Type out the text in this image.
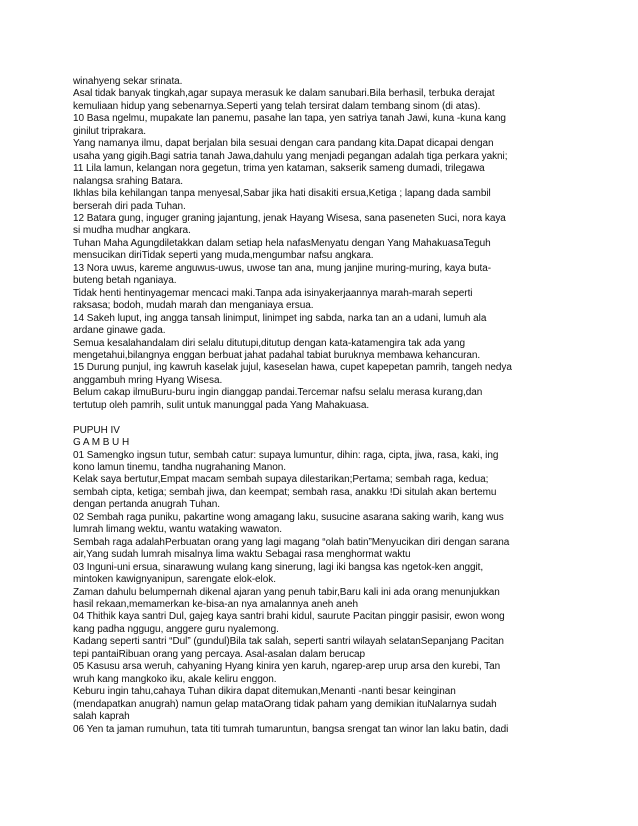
winahyeng sekar srinata.
Asal tidak banyak tingkah,agar supaya merasuk ke dalam sanubari.Bila berhasil, terbuka derajat
kemuliaan hidup yang sebenarnya.Seperti yang telah tersirat dalam tembang sinom (di atas).
10 Basa ngelmu, mupakate lan panemu, pasahe lan tapa, yen satriya tanah Jawi, kuna -kuna kang
ginilut triprakara.
Yang namanya ilmu, dapat berjalan bila sesuai dengan cara pandang kita.Dapat dicapai dengan
usaha yang gigih.Bagi satria tanah Jawa,dahulu yang menjadi pegangan adalah tiga perkara yakni;
11 Lila lamun, kelangan nora gegetun, trima yen kataman, sakserik sameng dumadi, trilegawa
nalangsa srahing Batara.
Ikhlas bila kehilangan tanpa menyesal,Sabar jika hati disakiti ersua,Ketiga ; lapang dada sambil
berserah diri pada Tuhan.
12 Batara gung, inguger graning jajantung, jenak Hayang Wisesa, sana paseneten Suci, nora kaya
si mudha mudhar angkara.
Tuhan Maha Agungdiletakkan dalam setiap hela nafasMenyatu dengan Yang MahakuasaTeguh
mensucikan diriTidak seperti yang muda,mengumbar nafsu angkara.
13 Nora uwus, kareme anguwus-uwus, uwose tan ana, mung janjine muring-muring, kaya buta-
buteng betah nganiaya.
Tidak henti hentinyagemar mencaci maki.Tanpa ada isinyakerjaannya marah-marah seperti
raksasa; bodoh, mudah marah dan menganiaya ersua.
14 Sakeh luput, ing angga tansah linimput, linimpet ing sabda, narka tan an a udani, lumuh ala
ardane ginawe gada.
Semua kesalahandalam diri selalu ditutupi,ditutup dengan kata-katamengira tak ada yang
mengetahui,bilangnya enggan berbuat jahat padahal tabiat buruknya membawa kehancuran.
15 Durung punjul, ing kawruh kaselak jujul, kaseselan hawa, cupet kapepetan pamrih, tangeh nedya
anggambuh mring Hyang Wisesa.
Belum cakap ilmuBuru-buru ingin dianggap pandai.Tercemar nafsu selalu merasa kurang,dan
tertutup oleh pamrih, sulit untuk manunggal pada Yang Mahakuasa.
PUPUH IV
G A M B U H
01 Samengko ingsun tutur, sembah catur: supaya lumuntur, dihin: raga, cipta, jiwa, rasa, kaki, ing
kono lamun tinemu, tandha nugrahaning Manon.
Kelak saya bertutur,Empat macam sembah supaya dilestarikan;Pertama; sembah raga, kedua;
sembah cipta, ketiga; sembah jiwa, dan keempat; sembah rasa, anakku !Di situlah akan bertemu
dengan pertanda anugrah Tuhan.
02 Sembah raga puniku, pakartine wong amagang laku, susucine asarana saking warih, kang wus
lumrah limang wektu, wantu wataking wawaton.
Sembah raga adalahPerbuatan orang yang lagi magang “olah batin”Menyucikan diri dengan sarana
air,Yang sudah lumrah misalnya lima waktu Sebagai rasa menghormat waktu
03 Inguni-uni ersua, sinarawung wulang kang sinerung, lagi iki bangsa kas ngetok-ken anggit,
mintoken kawignyanipun, sarengate elok-elok.
Zaman dahulu belumpernah dikenal ajaran yang penuh tabir,Baru kali ini ada orang menunjukkan
hasil rekaan,memamerkan ke-bisa-an nya amalannya aneh aneh
04 Thithik kaya santri Dul, gajeg kaya santri brahi kidul, saurute Pacitan pinggir pasisir, ewon wong
kang padha nggugu, anggere guru nyalemong.
Kadang seperti santri “Dul” (gundul)Bila tak salah, seperti santri wilayah selatanSepanjang Pacitan
tepi pantaiRibuan orang yang percaya. Asal-asalan dalam berucap
05 Kasusu arsa weruh, cahyaning Hyang kinira yen karuh, ngarep-arep urup arsa den kurebi, Tan
wruh kang mangkoko iku, akale keliru enggon.
Keburu ingin tahu,cahaya Tuhan dikira dapat ditemukan,Menanti -nanti besar keinginan
(mendapatkan anugrah) namun gelap mataOrang tidak paham yang demikian ituNalarnya sudah
salah kaprah
06 Yen ta jaman rumuhun, tata titi tumrah tumaruntun, bangsa srengat tan winor lan laku batin, dadi
